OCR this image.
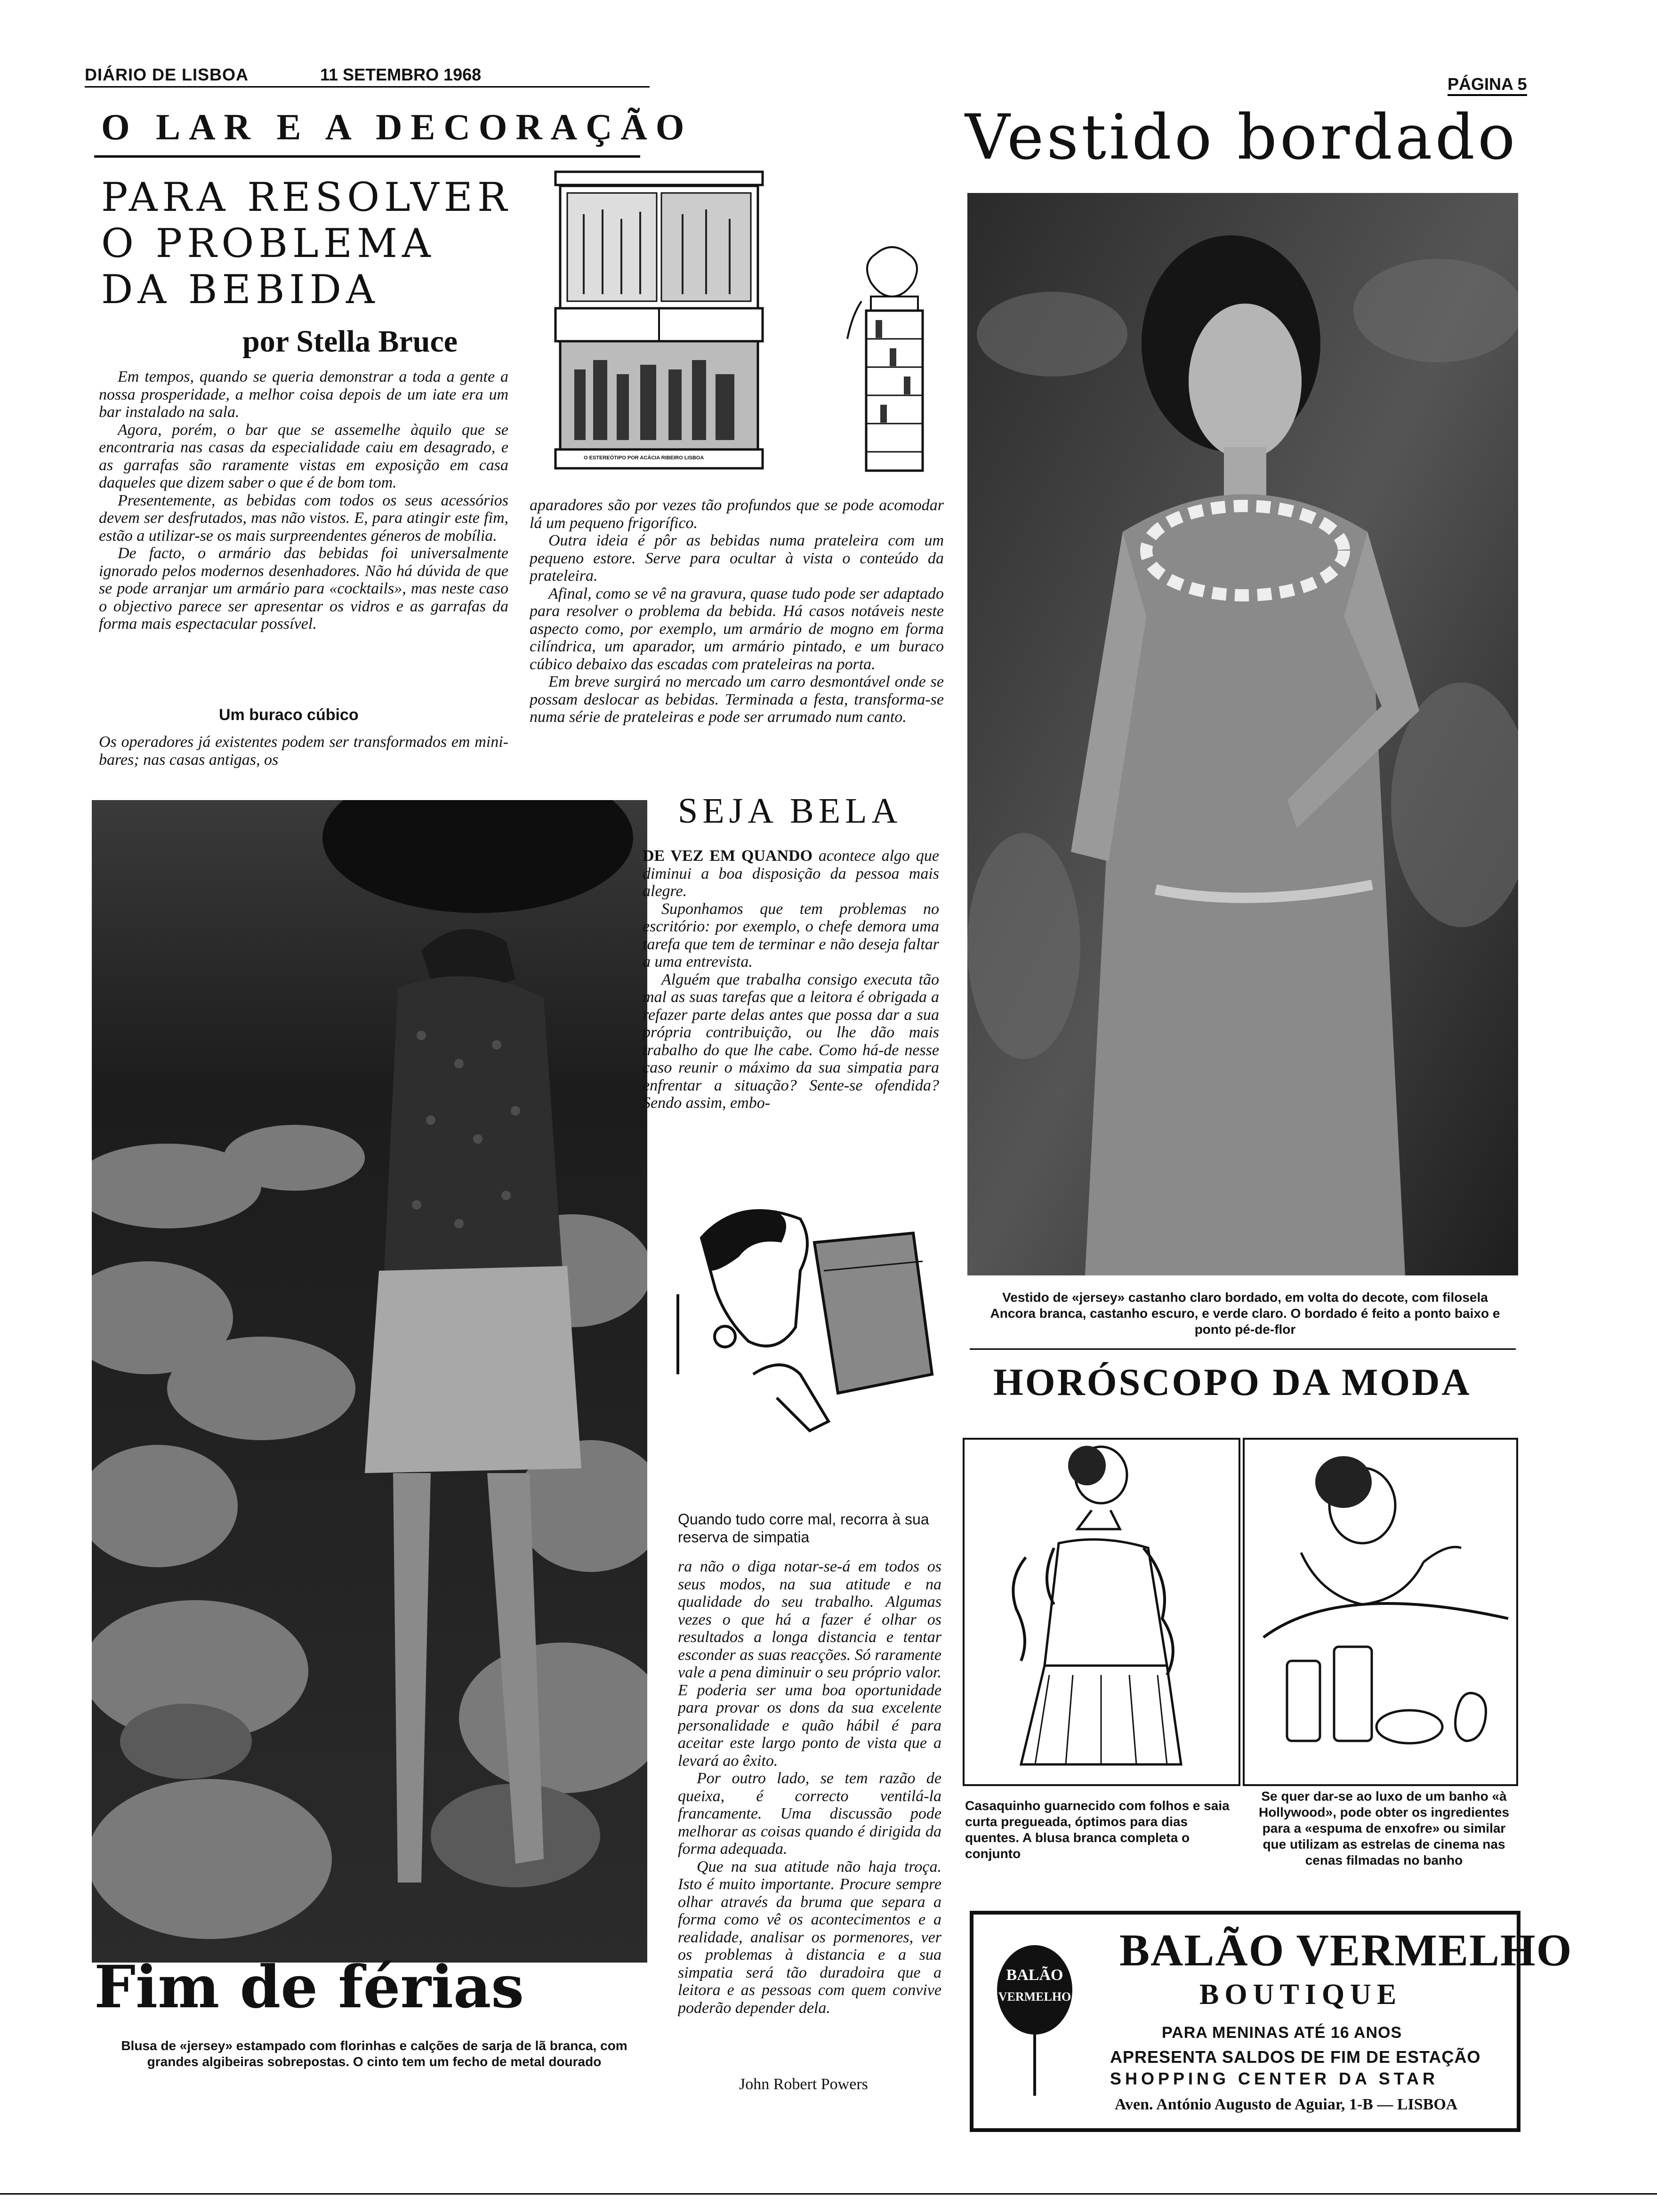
DIÁRIO DE LISBOA	11 SETEMBRO 1968	PÁGINA 5
O LAR E A DECORAÇÃO
PARA RESOLVER
O PROBLEMA
DA BEBIDA
por Stella Bruce
O ESTEREÓTIPO POR ACÁCIA RIBEIRO LISBOA

Em tempos, quando se queria demonstrar a toda a gente a nossa prosperidade, a melhor coisa depois de um iate era um bar instalado na sala.

Agora, porém, o bar que se assemelhe àquilo que se encontraria nas casas da especialidade caiu em desagrado, e as garrafas são raramente vistas em exposição em casa daqueles que dizem saber o que é de bom tom.

Presentemente, as bebidas com todos os seus acessórios devem ser desfrutados, mas não vistos. E, para atingir este fim, estão a utilizar-se os mais surpreendentes géneros de mobília.

De facto, o armário das bebidas foi universalmente ignorado pelos modernos desenhadores. Não há dúvida de que se pode arranjar um armário para «cocktails», mas neste caso o objectivo parece ser apresentar os vidros e as garrafas da forma mais espectacular possível.

Um buraco cúbico
Os operadores já existentes podem ser transformados em mini-bares; nas casas antigas, os

aparadores são por vezes tão profundos que se pode acomodar lá um pequeno frigorífico.

Outra ideia é pôr as bebidas numa prateleira com um pequeno estore. Serve para ocultar à vista o conteúdo da prateleira.

Afinal, como se vê na gravura, quase tudo pode ser adaptado para resolver o problema da bebida. Há casos notáveis neste aspecto como, por exemplo, um armário de mogno em forma cilíndrica, um aparador, um armário pintado, e um buraco cúbico debaixo das escadas com prateleiras na porta.

Em breve surgirá no mercado um carro desmontável onde se possam deslocar as bebidas. Terminada a festa, transforma-se numa série de prateleiras e pode ser arrumado num canto.

Vestido bordado
Vestido de «jersey» castanho claro bordado, em volta do decote, com filosela Ancora branca, castanho escuro, e verde claro. O bordado é feito a ponto baixo e ponto pé-de-flor
HORÓSCOPO DA MODA
Casaquinho guarnecido com folhos e saia curta pregueada, óptimos para dias quentes. A blusa branca completa o conjunto
Se quer dar-se ao luxo de um banho «à Hollywood», pode obter os ingredientes para a «espuma de enxofre» ou similar que utilizam as estrelas de cinema nas cenas filmadas no banho
BALÃO
VERMELHO
BALÃO VERMELHO
BOUTIQUE
PARA MENINAS ATÉ 16 ANOS
APRESENTA SALDOS DE FIM DE ESTAÇÃO
SHOPPING CENTER DA STAR
Aven. António Augusto de Aguiar, 1-B — LISBOA
Fim de férias
Blusa de «jersey» estampado com florinhas e calções de sarja de lã branca, com grandes algibeiras sobrepostas. O cinto tem um fecho de metal dourado
SEJA BELA

DE VEZ EM QUANDO acontece algo que diminui a boa disposição da pessoa mais alegre.

Suponhamos que tem problemas no escritório: por exemplo, o chefe demora uma tarefa que tem de terminar e não deseja faltar a uma entrevista.

Alguém que trabalha consigo executa tão mal as suas tarefas que a leitora é obrigada a refazer parte delas antes que possa dar a sua própria contribuição, ou lhe dão mais trabalho do que lhe cabe. Como há-de nesse caso reunir o máximo da sua simpatia para enfrentar a situação? Sente-se ofendida? Sendo assim, embo-

Quando tudo corre mal, recorra à sua reserva de simpatia

ra não o diga notar-se-á em todos os seus modos, na sua atitude e na qualidade do seu trabalho. Algumas vezes o que há a fazer é olhar os resultados a longa distancia e tentar esconder as suas reacções. Só raramente vale a pena diminuir o seu próprio valor. E poderia ser uma boa oportunidade para provar os dons da sua excelente personalidade e quão hábil é para aceitar este largo ponto de vista que a levará ao êxito.

Por outro lado, se tem razão de queixa, é correcto ventilá-la francamente. Uma discussão pode melhorar as coisas quando é dirigida da forma adequada.

Que na sua atitude não haja troça. Isto é muito importante. Procure sempre olhar através da bruma que separa a forma como vê os acontecimentos e a realidade, analisar os pormenores, ver os problemas à distancia e a sua simpatia será tão duradoira que a leitora e as pessoas com quem convive poderão depender dela.

John Robert Powers
